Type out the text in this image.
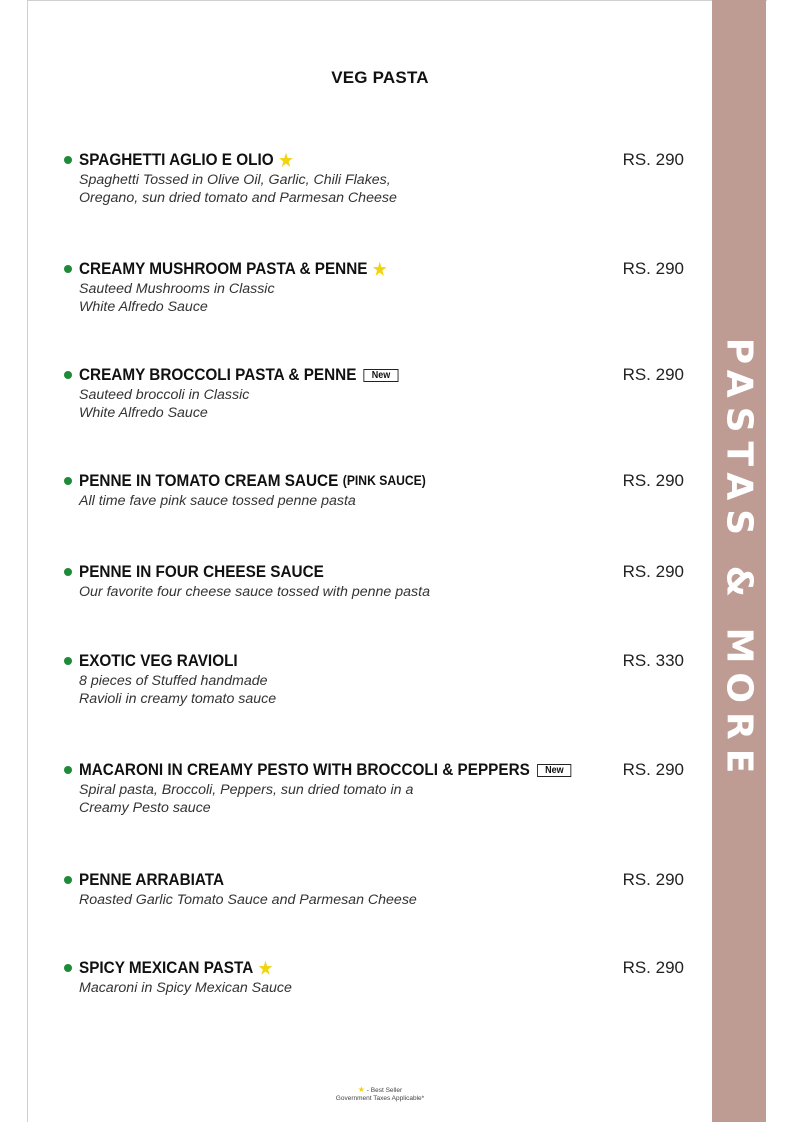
PASTAS & MORE
VEG PASTA
SPAGHETTI AGLIO E OLIO ★	RS. 290
Spaghetti Tossed in Olive Oil, Garlic, Chili Flakes,
Oregano, sun dried tomato and Parmesan Cheese
CREAMY MUSHROOM PASTA & PENNE ★	RS. 290
Sauteed Mushrooms in Classic
White Alfredo Sauce
CREAMY BROCCOLI PASTA & PENNE	New	RS. 290
Sauteed broccoli in Classic
White Alfredo Sauce
PENNE IN TOMATO CREAM SAUCE (PINK SAUCE)	RS. 290
All time fave pink sauce tossed penne pasta
PENNE IN FOUR CHEESE SAUCE	RS. 290
Our favorite four cheese sauce tossed with penne pasta
EXOTIC VEG RAVIOLI	RS. 330
8 pieces of Stuffed handmade
Ravioli in creamy tomato sauce
MACARONI IN CREAMY PESTO WITH BROCCOLI & PEPPERS	New	RS. 290
Spiral pasta, Broccoli, Peppers, sun dried tomato in a
Creamy Pesto sauce
PENNE ARRABIATA	RS. 290
Roasted Garlic Tomato Sauce and Parmesan Cheese
SPICY MEXICAN PASTA ★	RS. 290
Macaroni in Spicy Mexican Sauce
★ - Best Seller
Government Taxes Applicable*
